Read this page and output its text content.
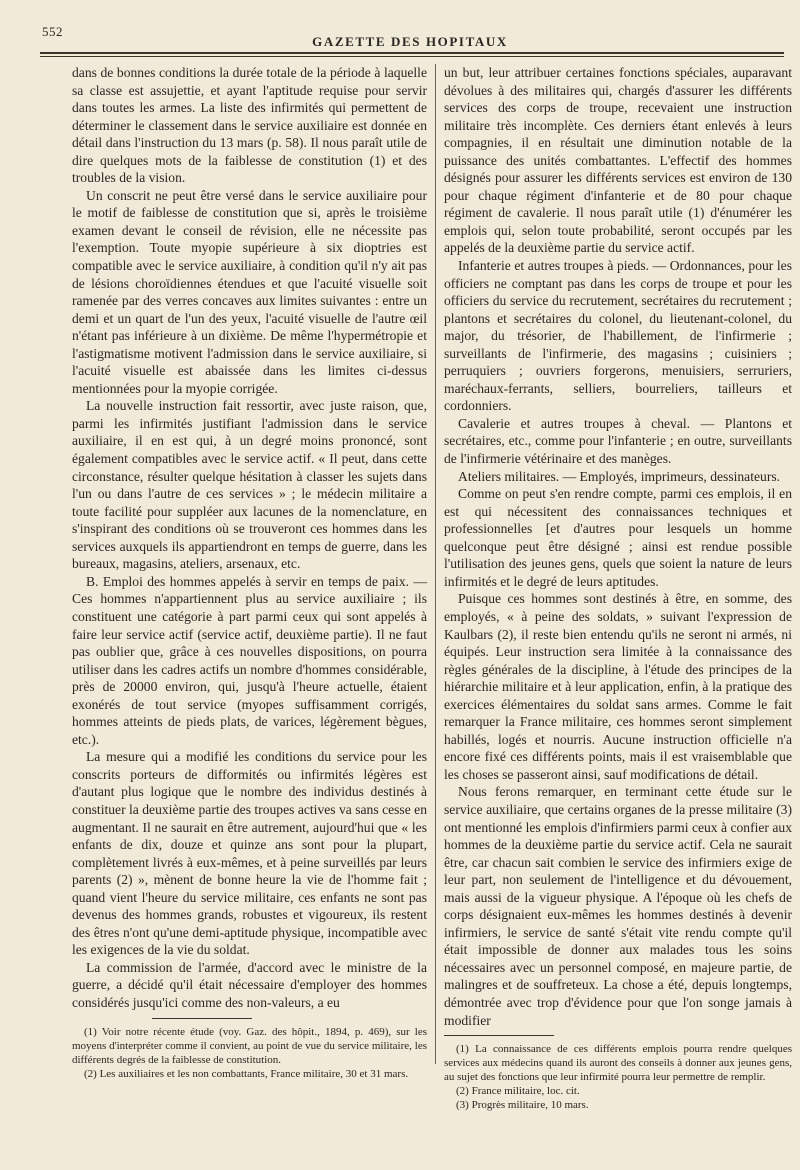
552
GAZETTE DES HOPITAUX

dans de bonnes conditions la durée totale de la période à laquelle sa classe est assujettie, et ayant l'aptitude requise pour servir dans toutes les armes. La liste des infirmités qui permettent de déterminer le classement dans le service auxiliaire est donnée en détail dans l'instruction du 13 mars (p. 58). Il nous paraît utile de dire quelques mots de la faiblesse de constitution (1) et des troubles de la vision.

Un conscrit ne peut être versé dans le service auxiliaire pour le motif de faiblesse de constitution que si, après le troisième examen devant le conseil de révision, elle ne nécessite pas l'exemption. Toute myopie supérieure à six dioptries est compatible avec le service auxiliaire, à condition qu'il n'y ait pas de lésions choroïdiennes étendues et que l'acuité visuelle soit ramenée par des verres concaves aux limites suivantes : entre un demi et un quart de l'un des yeux, l'acuité visuelle de l'autre œil n'étant pas inférieure à un dixième. De même l'hypermétropie et l'astigmatisme motivent l'admission dans le service auxiliaire, si l'acuité visuelle est abaissée dans les limites ci-dessus mentionnées pour la myopie corrigée.

La nouvelle instruction fait ressortir, avec juste raison, que, parmi les infirmités justifiant l'admission dans le service auxiliaire, il en est qui, à un degré moins prononcé, sont également compatibles avec le service actif. « Il peut, dans cette circonstance, résulter quelque hésitation à classer les sujets dans l'un ou dans l'autre de ces services » ; le médecin militaire a toute facilité pour suppléer aux lacunes de la nomenclature, en s'inspirant des conditions où se trouveront ces hommes dans les services auxquels ils appartiendront en temps de guerre, dans les bureaux, magasins, ateliers, arsenaux, etc.

B. Emploi des hommes appelés à servir en temps de paix. — Ces hommes n'appartiennent plus au service auxiliaire ; ils constituent une catégorie à part parmi ceux qui sont appelés à faire leur service actif (service actif, deuxième partie). Il ne faut pas oublier que, grâce à ces nouvelles dispositions, on pourra utiliser dans les cadres actifs un nombre d'hommes considérable, près de 20000 environ, qui, jusqu'à l'heure actuelle, étaient exonérés de tout service (myopes suffisamment corrigés, hommes atteints de pieds plats, de varices, légèrement bègues, etc.).

La mesure qui a modifié les conditions du service pour les conscrits porteurs de difformités ou infirmités légères est d'autant plus logique que le nombre des individus destinés à constituer la deuxième partie des troupes actives va sans cesse en augmentant. Il ne saurait en être autrement, aujourd'hui que « les enfants de dix, douze et quinze ans sont pour la plupart, complètement livrés à eux-mêmes, et à peine surveillés par leurs parents (2) », mènent de bonne heure la vie de l'homme fait ; quand vient l'heure du service militaire, ces enfants ne sont pas devenus des hommes grands, robustes et vigoureux, ils restent des êtres n'ont qu'une demi-aptitude physique, incompatible avec les exigences de la vie du soldat.

La commission de l'armée, d'accord avec le ministre de la guerre, a décidé qu'il était nécessaire d'employer des hommes considérés jusqu'ici comme des non-valeurs, a eu

(1) Voir notre récente étude (voy. Gaz. des hôpit., 1894, p. 469), sur les moyens d'interpréter comme il convient, au point de vue du service militaire, les différents degrés de la faiblesse de constitution.

(2) Les auxiliaires et les non combattants, France militaire, 30 et 31 mars.

un but, leur attribuer certaines fonctions spéciales, auparavant dévolues à des militaires qui, chargés d'assurer les différents services des corps de troupe, recevaient une instruction militaire très incomplète. Ces derniers étant enlevés à leurs compagnies, il en résultait une diminution notable de la puissance des unités combattantes. L'effectif des hommes désignés pour assurer les différents services est environ de 130 pour chaque régiment d'infanterie et de 80 pour chaque régiment de cavalerie. Il nous paraît utile (1) d'énumérer les emplois qui, selon toute probabilité, seront occupés par les appelés de la deuxième partie du service actif.

Infanterie et autres troupes à pieds. — Ordonnances, pour les officiers ne comptant pas dans les corps de troupe et pour les officiers du service du recrutement, secrétaires du recrutement ; plantons et secrétaires du colonel, du lieutenant-colonel, du major, du trésorier, de l'habillement, de l'infirmerie ; surveillants de l'infirmerie, des magasins ; cuisiniers ; perruquiers ; ouvriers forgerons, menuisiers, serruriers, maréchaux-ferrants, selliers, bourreliers, tailleurs et cordonniers.

Cavalerie et autres troupes à cheval. — Plantons et secrétaires, etc., comme pour l'infanterie ; en outre, surveillants de l'infirmerie vétérinaire et des manèges.

Ateliers militaires. — Employés, imprimeurs, dessinateurs.

Comme on peut s'en rendre compte, parmi ces emplois, il en est qui nécessitent des connaissances techniques et professionnelles [et d'autres pour lesquels un homme quelconque peut être désigné ; ainsi est rendue possible l'utilisation des jeunes gens, quels que soient la nature de leurs infirmités et le degré de leurs aptitudes.

Puisque ces hommes sont destinés à être, en somme, des employés, « à peine des soldats, » suivant l'expression de Kaulbars (2), il reste bien entendu qu'ils ne seront ni armés, ni équipés. Leur instruction sera limitée à la connaissance des règles générales de la discipline, à l'étude des principes de la hiérarchie militaire et à leur application, enfin, à la pratique des exercices élémentaires du soldat sans armes. Comme le fait remarquer la France militaire, ces hommes seront simplement habillés, logés et nourris. Aucune instruction officielle n'a encore fixé ces différents points, mais il est vraisemblable que les choses se passeront ainsi, sauf modifications de détail.

Nous ferons remarquer, en terminant cette étude sur le service auxiliaire, que certains organes de la presse militaire (3) ont mentionné les emplois d'infirmiers parmi ceux à confier aux hommes de la deuxième partie du service actif. Cela ne saurait être, car chacun sait combien le service des infirmiers exige de leur part, non seulement de l'intelligence et du dévouement, mais aussi de la vigueur physique. A l'époque où les chefs de corps désignaient eux-mêmes les hommes destinés à devenir infirmiers, le service de santé s'était vite rendu compte qu'il était impossible de donner aux malades tous les soins nécessaires avec un personnel composé, en majeure partie, de malingres et de souffreteux. La chose a été, depuis longtemps, démontrée avec trop d'évidence pour que l'on songe jamais à modifier

(1) La connaissance de ces différents emplois pourra rendre quelques services aux médecins quand ils auront des conseils à donner aux jeunes gens, au sujet des fonctions que leur infirmité pourra leur permettre de remplir.

(2) France militaire, loc. cit.

(3) Progrès militaire, 10 mars.
